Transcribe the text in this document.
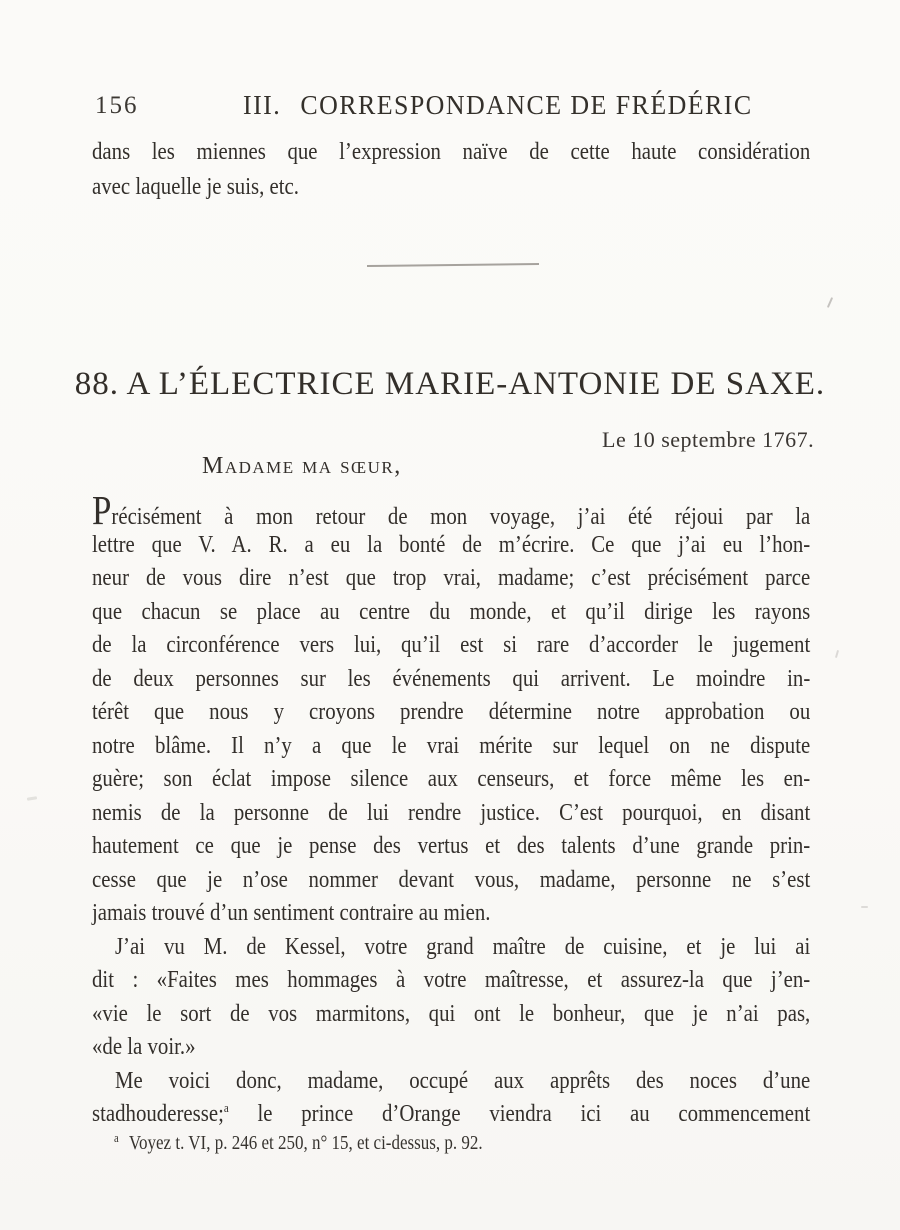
156	III. CORRESPONDANCE DE FRÉDÉRIC
dans les miennes que l’expression naïve de cette haute considération
avec laquelle je suis, etc.
88. A L’ÉLECTRICE MARIE-ANTONIE DE SAXE.
Le 10 septembre 1767.
Madame ma sœur,
Précisément à mon retour de mon voyage, j’ai été réjoui par la
lettre que V. A. R. a eu la bonté de m’écrire. Ce que j’ai eu l’hon-
neur de vous dire n’est que trop vrai, madame; c’est précisément parce
que chacun se place au centre du monde, et qu’il dirige les rayons
de la circonférence vers lui, qu’il est si rare d’accorder le jugement
de deux personnes sur les événements qui arrivent. Le moindre in-
térêt que nous y croyons prendre détermine notre approbation ou
notre blâme. Il n’y a que le vrai mérite sur lequel on ne dispute
guère; son éclat impose silence aux censeurs, et force même les en-
nemis de la personne de lui rendre justice. C’est pourquoi, en disant
hautement ce que je pense des vertus et des talents d’une grande prin-
cesse que je n’ose nommer devant vous, madame, personne ne s’est
jamais trouvé d’un sentiment contraire au mien.
J’ai vu M. de Kessel, votre grand maître de cuisine, et je lui ai
dit : «Faites mes hommages à votre maîtresse, et assurez-la que j’en-
«vie le sort de vos marmitons, qui ont le bonheur, que je n’ai pas,
«de la voir.»
Me voici donc, madame, occupé aux apprêts des noces d’une
stadhouderesse;$^a$ le prince d’Orange viendra ici au commencement
$^a$ Voyez t. VI, p. 246 et 250, n° 15, et ci-dessus, p. 92.
